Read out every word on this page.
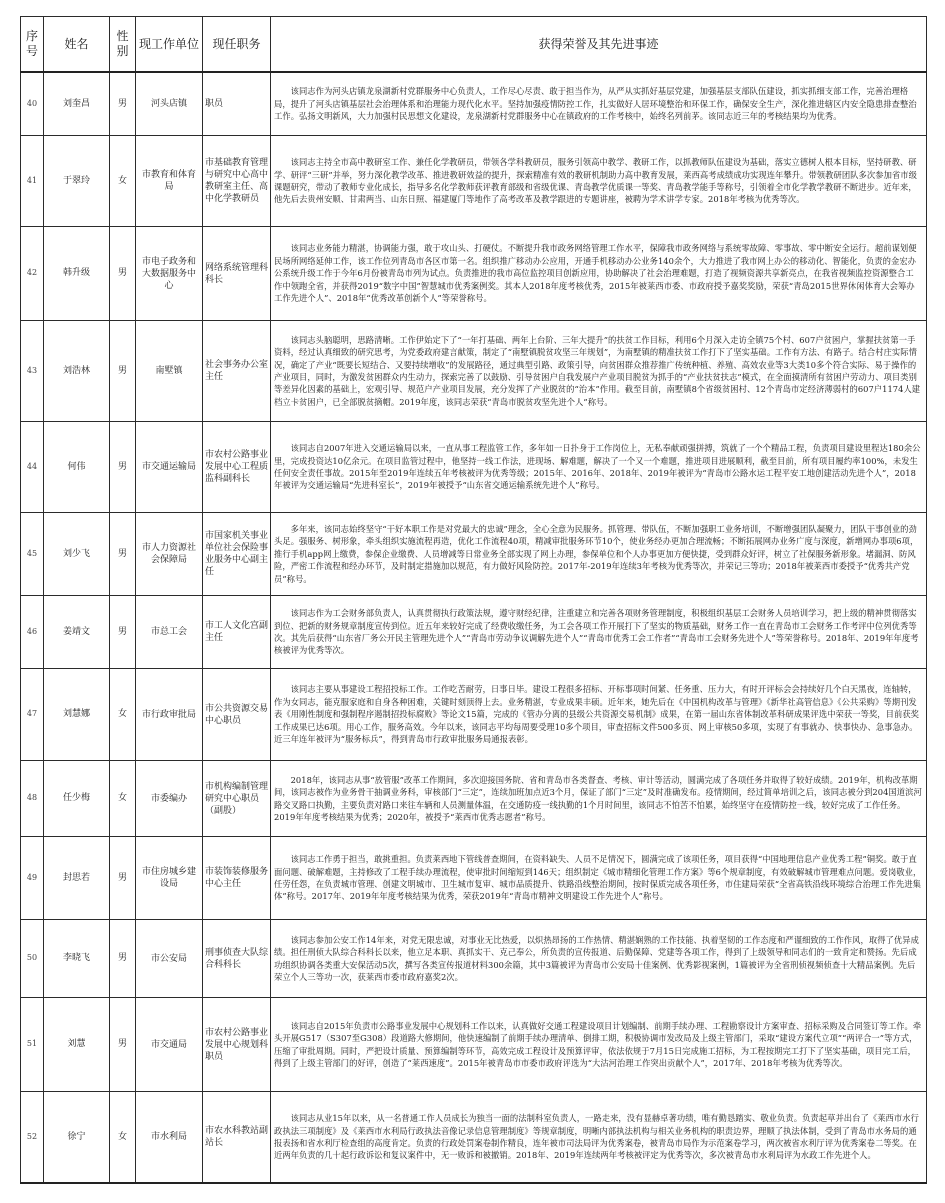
序号	姓名	性别	现工作单位	现任职务	获得荣誉及其先进事迹
40	刘奎昌	男	河头店镇	职员	该同志作为河头店镇龙泉湖新村党群服务中心负责人，工作尽心尽责、敢于担当作为，从严从实抓好基层党建，加强基层支部队伍建设，抓实抓细支部工作，完善治理格局，提升了河头店镇基层社会治理体系和治理能力现代化水平。坚持加强疫情防控工作，扎实做好人居环境整治和环保工作，确保安全生产，深化推进辖区内安全隐患排查整治工作。弘扬文明新风，大力加强村民思想文化建设，龙泉湖新村党群服务中心在镇政府的工作考核中，始终名列前茅。该同志近三年的考核结果均为优秀。
41	于翠玲	女	市教育和体育局	市基础教育管理与研究中心高中教研室主任、高中化学教研员	该同志主持全市高中教研室工作、兼任化学教研员，带领各学科教研员，服务引领高中教学、教研工作，以抓教师队伍建设为基础，落实立德树人根本目标，坚持研教、研学、研评“三研”并举，努力深化教学改革、推进教研效益的提升，探索精准有效的教研机制助力高中教育发展，莱西高考成绩成功实现连年攀升。带领教研团队多次参加省市级课题研究，带动了教师专业化成长，指导多名化学教师获评教育部级和省级优课、青岛教学优质课一等奖、青岛教学能手等称号，引领着全市化学教学教研不断进步。近年来，他先后去贵州安顺、甘肃两当、山东日照、福建厦门等地作了高考改革及教学跟进的专题讲座，被聘为学术讲学专家。2018年考核为优秀等次。
42	韩升级	男	市电子政务和大数据服务中心	网络系统管理科科长	该同志业务能力精湛，协调能力强，敢于攻山头、打硬仗。不断提升我市政务网络管理工作水平，保障我市政务网络与系统零故障、零事故、零中断安全运行。超前谋划便民场所网络延伸工作，该工作位列青岛市各区市第一名。组织推广移动办公应用，开通手机移动办公业务140余个，大力推进了我市网上办公的移动化、智能化，负责的金宏办公系统升级工作于今年6月份被青岛市列为试点。负责推进的我市高位监控项目创新应用，协助解决了社会治理难题，打造了视频资源共享新亮点，在我省视频监控资源整合工作中领跑全省，并获得2019“数字中国”智慧城市优秀案例奖。其本人2018年度考核优秀，2015年被莱西市委、市政府授予嘉奖奖励，荣获“青岛2015世界休闲体育大会筹办工作先进个人”、2018年“优秀改革创新个人”等荣誉称号。
43	刘浩林	男	南墅镇	社会事务办公室主任	该同志头脑聪明，思路清晰。工作伊始定下了“一年打基础、两年上台阶、三年大提升”的扶贫工作目标，利用6个月深入走访全镇75个村、607户贫困户，掌握扶贫第一手资料，经过认真细致的研究思考，为党委政府建言献策，制定了“南墅镇脱贫攻坚三年规划”，为南墅镇的精准扶贫工作打下了坚实基础。工作有方法、有路子。结合村庄实际情况，确定了产业“既要长短结合、又要持续增收”的发展路径，通过典型引路、政策引导，向贫困群众推荐推广传统种植、养殖、高效农业等3大类10多个符合实际、易于操作的产业项目，同时，为激发贫困群众内生动力，探索完善了以鼓励、引导贫困户自我发展户产业项目脱贫为抓手的“产业扶贫扶志”模式，在全面摸清所有贫困户劳动力、项目类别等差异化因素的基础上，宏观引导、规范户产业项目发展，充分发挥了产业脱贫的“治本”作用。截至目前，南墅镇8个省级贫困村、12个青岛市定经济薄弱村的607户1174人建档立卡贫困户，已全部脱贫摘帽。2019年度，该同志荣获“青岛市脱贫攻坚先进个人”称号。
44	何伟	男	市交通运输局	市农村公路事业发展中心工程质监科副科长	该同志自2007年进入交通运输局以来，一直从事工程监管工作，多年如一日扑身于工作岗位上，无私奉献顽强拼搏，筑就了一个个精品工程，负责项目建设里程达180余公里，完成投资达10亿余元。在项目监管过程中，他坚持一线工作法，进现场、解难题，解决了一个又一个难题，推进项目进展顺利，截至目前，所有项目履约率100%，未发生任何安全责任事故。2015年至2019年连续五年考核被评为优秀等级；2015年、2016年、2018年、2019年被评为“青岛市公路水运工程平安工地创建活动先进个人”，2018年被评为交通运输局“先进科室长”，2019年被授予“山东省交通运输系统先进个人”称号。
45	刘少飞	男	市人力资源社会保障局	市国家机关事业单位社会保险事业服务中心副主任	多年来，该同志始终坚守“干好本职工作是对党最大的忠诚”理念，全心全意为民服务。抓管理、带队伍，不断加强职工业务培训，不断增强团队凝聚力，团队干事创业的劲头足。强服务、树形象，牵头组织实施流程再造，优化工作流程40项，精减审批服务环节10个，使业务经办更加合理流畅；不断拓展网办业务广度与深度，新增网办事项6项，推行手机app网上缴费，参保企业缴费、人员增减等日常业务全部实现了网上办理，参保单位和个人办事更加方便快捷，受到群众好评，树立了社保服务新形象。堵漏洞、防风险，严密工作流程和经办环节，及时制定措施加以规范，有力做好风险防控。2017年-2019年连续3年考核为优秀等次，并荣记三等功；2018年被莱西市委授予“优秀共产党员”称号。
46	姜靖文	男	市总工会	市工人文化宫副主任	该同志作为工会财务部负责人，认真贯彻执行政策法规，遵守财经纪律，注重建立和完善各项财务管理制度，积极组织基层工会财务人员培训学习，把上级的精神贯彻落实到位、把新的财务规章制度宣传到位。近五年来较好完成了经费收缴任务，为工会各项工作开展打下了坚实的物质基础，财务工作一直在青岛市工会财务工作考评中位列优秀等次。其先后获得“山东省厂务公开民主管理先进个人”“青岛市劳动争议调解先进个人”“青岛市优秀工会工作者”“青岛市工会财务先进个人”等荣誉称号。2018年、2019年年度考核被评为优秀等次。
47	刘慧娜	女	市行政审批局	市公共资源交易中心职员	该同志主要从事建设工程招投标工作。工作吃苦耐劳，日事日毕。建设工程很多招标、开标事项时间紧、任务重、压力大，有时开评标会会持续好几个白天黑夜，连轴转，作为女同志，能克服家庭和自身各种困难，关键时刻顶得上去。业务精湛，专业成果丰硕。近年来，她先后在《中国机构改革与管理》《新华社高管信息》《公共采购》等期刊发表《用刚性制度和强制程序遏制招投标腐败》等论文15篇，完成的《管办分离的县级公共资源交易机制》成果，在第一届山东省体制改革科研成果评选中荣获一等奖，目前获奖工作成果已达6项。用心工作，服务高效。今年以来，该同志平均每周要受理10多个项目，审查招标文件500多页、网上审核50多项，实现了有事就办、快事快办、急事急办。近三年连年被评为“服务标兵”，得到青岛市行政审批服务局通报表彰。
48	任少梅	女	市委编办	市机构编制管理研究中心职员（副股）	2018年，该同志从事“放管服”改革工作期间，多次迎接国务院、省和青岛市各类督查、考核、审计等活动，圆满完成了各项任务并取得了较好成绩。2019年，机构改革期间，该同志被作为业务骨干抽调业务科，审核部门“三定”，连续加班加点近3个月，保证了部门“三定”及时准确发布。疫情期间，经过简单培训之后，该同志被分到204国道滨河路交叉路口执勤，主要负责对路口来往车辆和人员测量体温，在交通防疫一线执勤的1个月时间里，该同志不怕苦不怕累，始终坚守在疫情防控一线，较好完成了工作任务。2019年年度考核结果为优秀；2020年，被授予“莱西市优秀志愿者”称号。
49	封思若	男	市住房城乡建设局	市装饰装修服务中心主任	该同志工作勇于担当，敢挑重担。负责莱西地下管线普查期间，在资料缺失、人员不足情况下，圆满完成了该项任务，项目获得“中国地理信息产业优秀工程”铜奖。敢于直面问题、破解难题，主持修改了工程手续办理流程，使审批时间缩短到146天；组织制定《城市精细化管理工作方案》等6个规章制度，有效破解城市管理难点问题。爱岗敬业，任劳任怨，在负责城市管理、创建文明城市、卫生城市复审、城市品质提升、铁路沿线整治期间，按时保质完成各项任务，市住建局荣获“全省高铁沿线环境综合治理工作先进集体”称号。2017年、2019年年度考核结果为优秀，荣获2019年“青岛市精神文明建设工作先进个人”称号。
50	李晓飞	男	市公安局	刑事侦查大队综合科科长	该同志参加公安工作14年来，对党无限忠诚，对事业无比热爱，以炽热昂扬的工作热情、精湛娴熟的工作技能、执着坚韧的工作态度和严谨细致的工作作风，取得了优异成绩。担任刑侦大队综合科科长以来，他立足本职、真抓实干、克己奉公，所负责的宣传报道、后勤保障、党建等各项工作，得到了上级领导和同志们的一致肯定和赞扬。先后成功组织协调各类重大安保活动5次，撰写各类宣传报道材料300余篇，其中3篇被评为青岛市公安局十佳案例、优秀影视案例，1篇被评为全省刑侦视频侦查十大精品案例。先后荣立个人三等功一次，获莱西市委市政府嘉奖2次。
51	刘慧	男	市交通局	市农村公路事业发展中心规划科职员	该同志自2015年负责市公路事业发展中心规划科工作以来，认真做好交通工程建设项目计划编制、前期手续办理、工程勘察设计方案审查、招标采购及合同签订等工作。牵头开展G517（S307至G308）段道路大修期间，他快速编制了前期手续办理清单、倒排工期，积极协调市发改局及上级主管部门，采取“建设方案代立项”“两评合一”等方式，压缩了审批周期。同时，严把设计质量、预算编制等环节，高效完成工程设计及预算评审，依法依规于7月15日完成施工招标，为工程按期完工打下了坚实基础，项目完工后，得到了上级主管部门的好评，创造了“莱西速度”。2015年被青岛市市委市政府评选为“大沽河治理工作突出贡献个人”，2017年、2018年考核为优秀等次。
52	徐宁	女	市水利局	市农水科教站副站长	该同志从业15年以来，从一名普通工作人员成长为独当一面的法制科室负责人，一路走来，没有显赫卓著功绩，唯有勤恳踏实、敬业负责。负责起草并出台了《莱西市水行政执法三项制度》及《莱西市水利局行政执法音像记录信息管理制度》等规章制度，明晰内部执法机构与相关业务机构的职责边界，理顺了执法体制，受到了青岛市水务局的通报表扬和省水利厅检查组的高度肯定。负责的行政处罚案卷制作精良，连年被市司法局评为优秀案卷，被青岛市局作为示范案卷学习，两次被省水利厅评为优秀案卷二等奖。在近两年负责的几十起行政诉讼和复议案件中，无一败诉和被撤销。2018年、2019年连续两年考核被评定为优秀等次，多次被青岛市水利局评为水政工作先进个人。
